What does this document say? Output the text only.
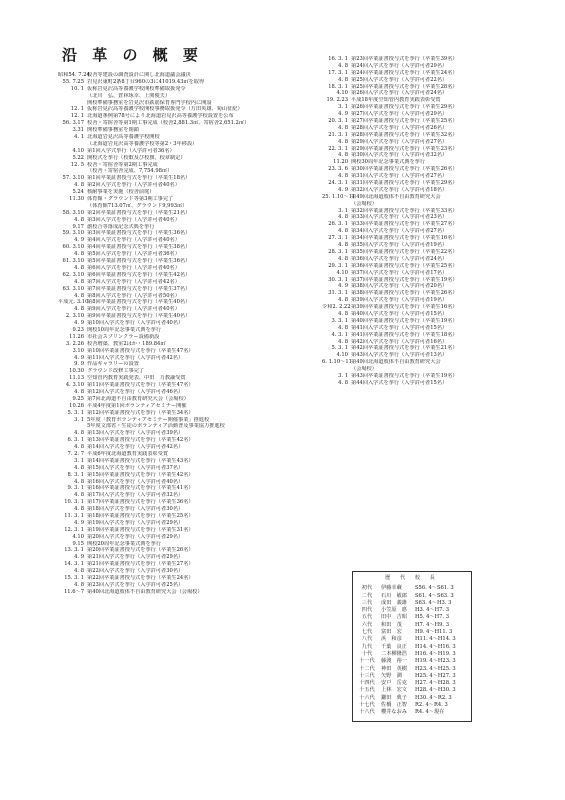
沿 革 の 概 要
昭和54. 7.24校舎等建設の調査設計に関し北海道議会議決
55. 7.25 岩見沢東町2条8丁目960の3に41019.43㎡を取得
10. 1 仮称岩見沢高等養護学校開校準備取扱発令
（北川　弘、倉林琢幸、上関俊夫）
開校準備事務室を岩見沢市鉄筋保育専門学校内に開設
12. 1 仮称岩見沢高等養護学校開校事務取扱発令（万田英雄、菊山征紀）
12. 1 北海道条例第78号により北海道岩見沢高等養護学校設置を公布
56. 3.17 校舎・寄宿舎等第1期工事完成（校舎2,881.3㎡、寄宿舎2,651.2㎡）
3.31 開校準備事務室を閉鎖
4. 1 北海道岩見沢高等養護学校開校
（北海道岩見沢高等養護学校等第2・3年移設）
4.10 第1回入学式挙行（入学許可者36名）
5.22 開校式を挙行（校歌及び校旗、校章制定）
12. 5 校舎・寄宿舎等第2期工事完成
（校舎・寄宿舎完成、7,754.98㎡）
57. 3.10 第1回卒業証書授与式を挙行（卒業生18名）
4. 8 第2回入学式を挙行（入学許可者40名）
5.24 核耐事業を実施（校舎前庭）
11.30 体育館・グラウンド等第3期工事完了
（体育館713.07㎡、グラウンド9,993㎡）
58. 3.10 第2回卒業証書授与式を挙行（卒業生21名）
4. 8 第3回入学式を挙行（入学許可者40名）
9.17 創校合等落成記念式典を挙行
59. 3.10 第3回卒業証書授与式を挙行（卒業生36名）
4. 9 第4回入学式を挙行（入学許可者40名）
60. 3.10 第4回卒業証書授与式を挙行（卒業生38名）
4. 8 第5回入学式を挙行（入学許可者36名）
61. 3.10 第5回卒業証書授与式を挙行（卒業生36名）
4. 8 第6回入学式を挙行（入学許可者40名）
62. 3.10 第6回卒業証書授与式を挙行（卒業生42名）
4. 8 第7回入学式を挙行（入学許可者42名）
63. 3.10 第7回卒業証書授与式を挙行（卒業生37名）
4. 8 第8回入学式を挙行（入学許可者50名）
平成元. 3.10第8回卒業証書授与式を挙行（卒業生40名）
4. 8 第9回入学式を挙行（入学許可者40名）
2. 3.10 第9回卒業証書授与式を挙行（卒業生40名）
4. 9 第10回入学式を挙行（入学許可者40名）
9.23 開校10周年記念事業式典を挙行
11.26 市社会スプリンクラー設備新設
3. 2.26 校舎増築、教室2はか・189.84㎡
3.10 第10回卒業証書授与式を挙行（卒業生47名）
4. 9 第11回入学式を挙行（入学許可者42名）
9. 9 作品ギャラリーの設置
10.30 グラウンド改修工事完了
11.13 空知管内教育実践発表、中田　力教諭受賞
4. 3.10 第11回卒業証書授与式を挙行（卒業生47名）
4. 8 第12回入学式を挙行（入学許可者46名）
9.25 第7回北海道不自由教育研究大会（会場校）
10.26 平成4年度第1回ボランティアセミナー開催
5. 3. 1 第12回卒業証書授与式を挙行（卒業生34名）
3. 1 5年度「教育ボランティアセミナー開催事業」推進校
5年度文部省・生徒のボランティア活動普及事業協力推進校
4. 8 第13回入学式を挙行（入学許可者39名）
6. 3. 1 第13回卒業証書授与式を挙行（卒業生42名）
4. 8 第14回入学式を挙行（入学許可者42名）
7. 2. 7 平成6年度北海道教育実践表彰受賞
3. 1 第14回卒業証書授与式を挙行（卒業生43名）
4. 8 第15回入学式を挙行（入学許可者37名）
8. 3. 1 第15回卒業証書授与式を挙行（卒業生42名）
4. 8 第16回入学式を挙行（入学許可者40名）
9. 3. 1 第16回卒業証書授与式を挙行（卒業生41名）
4. 8 第17回入学式を挙行（入学許可者32名）
10. 3. 1 第17回卒業証書授与式を挙行（卒業生36名）
4. 8 第18回入学式を挙行（入学許可者30名）
11. 3. 1 第18回卒業証書授与式を挙行（卒業生25名）
4. 9 第19回入学式を挙行（入学許可者29名）
12. 3. 1 第19回卒業証書授与式を挙行（卒業生31名）
4.10 第20回入学式を挙行（入学許可者29名）
9.15 開校20周年記念事業式典を挙行
13. 3. 1 第20回卒業証書授与式を挙行（卒業生26名）
4. 9 第21回入学式を挙行（入学許可者29名）
14. 3. 1 第21回卒業証書授与式を挙行（卒業生27名）
4. 8 第22回入学式を挙行（入学許可者30名）
15. 3. 1 第22回卒業証書授与式を挙行（卒業生24名）
4. 8 第23回入学式を挙行（入学許可者25名）
11.6〜7 第40回北海道肢体不自由教育研究大会（会場校）
16. 3. 1 第23回卒業証書授与式を挙行（卒業生39名）
4. 8 第24回入学式を挙行（入学許可者29名）
17. 3. 1 第24回卒業証書授与式を挙行（卒業生24名）
4. 8 第25回入学式を挙行（入学許可者22名）
18. 3. 1 第25回卒業証書授与式を挙行（卒業生28名）
4.10 第26回入学式を挙行（入学許可者24名）
19. 2.23 平成18年度空知管内教育実践表彰受賞
3. 1 第26回卒業証書授与式を挙行（卒業生29名）
4. 9 第27回入学式を挙行（入学許可者29名）
20. 3. 1 第27回卒業証書授与式を挙行（卒業生25名）
4. 8 第28回入学式を挙行（入学許可者26名）
21. 3. 1 第28回卒業証書授与式を挙行（卒業生32名）
4. 8 第29回入学式を挙行（入学許可者27名）
22. 3. 1 第29回卒業証書授与式を挙行（卒業生23名）
4. 8 第30回入学式を挙行（入学許可者32名）
11.20 開校30周年記念事業式典を挙行
23. 3. 6 第30回卒業証書授与式を挙行（卒業生26名）
4. 8 第31回入学式を挙行（入学許可者27名）
24. 3. 1 第31回卒業証書授与式を挙行（卒業生29名）
4. 9 第32回入学式を挙行（入学許可者18名）
25. 1.10〜11第49回北海道肢体不自由教育研究大会
（会場校）
3. 1 第32回卒業証書授与式を挙行（卒業生33名）
4. 8 第33回入学式を挙行（入学許可者23名）
26. 3. 1 第33回卒業証書授与式を挙行（卒業生27名）
4. 8 第34回入学式を挙行（入学許可者27名）
27. 3. 1 第34回卒業証書授与式を挙行（卒業生16名）
4. 8 第35回入学式を挙行（入学許可者19名）
28. 3. 1 第35回卒業証書授与式を挙行（卒業生22名）
4. 8 第36回入学式を挙行（入学許可者24名）
29. 3. 1 第36回卒業証書授与式を挙行（卒業生25名）
4.10 第37回入学式を挙行（入学許可者17名）
30. 3. 1 第37回卒業証書授与式を挙行（卒業生19名）
4. 9 第38回入学式を挙行（入学許可者20名）
31. 3. 1 第38回卒業証書授与式を挙行（卒業生26名）
4. 8 第39回入学式を挙行（入学許可者19名）
令和2. 2.22第39回卒業証書授与式を挙行（卒業生16名）
4. 8 第40回入学式を挙行（入学許可者15名）
3. 3. 1 第40回卒業証書授与式を挙行（卒業生19名）
4. 8 第41回入学式を挙行（入学許可者15名）
4. 3. 1 第41回卒業証書授与式を挙行（卒業生18名）
4. 8 第42回入学式を挙行（入学許可者16名）
5. 3. 1 第42回卒業証書授与式を挙行（卒業生21名）
4.10 第43回入学式を挙行（入学許可者13名）
6. 1.10〜11第49回北海道肢体不自由教育研究大会
（会場校）
3. 1 第43回卒業証書授与式を挙行（卒業生19名）
4. 8 第44回入学式を挙行（入学許可者15名）
歴 代 校 長
初代	伊藤幸蔵	S56. 4〜S61. 3
二代	石川　敏郎	S61. 4〜S63. 3
三代	成田　義雄	S63. 4〜H3. 3
四代	小笠原　悳	H3. 4〜H7. 3
五代	田中　吉昭	H5. 4〜H7. 3
六代	和田　茂	H7. 4〜H9. 3
七代	富田　宏	H9. 4〜H11. 3
八代	浜　和彦	H11. 4〜H14. 3
九代	千葉　良正	H14. 4〜H16. 3
十代	二本柳隆浩	H16. 4〜H19. 3
十一代	藤渡　裕一	H19. 4〜H23. 3
十二代	神田　英樹	H23. 4〜H25. 3
十三代	矢野　潤	H25. 4〜H27. 3
十四代	安戸　岳克	H27. 4〜H28. 3
十五代	上林　宏文	H28. 4〜H30. 3
十六代	鎌田　典子	H30. 4〜R2. 3
十七代	佐橋　正智	R2. 4〜R4. 3
十八代	櫻井なおみ	R4. 4〜現在
